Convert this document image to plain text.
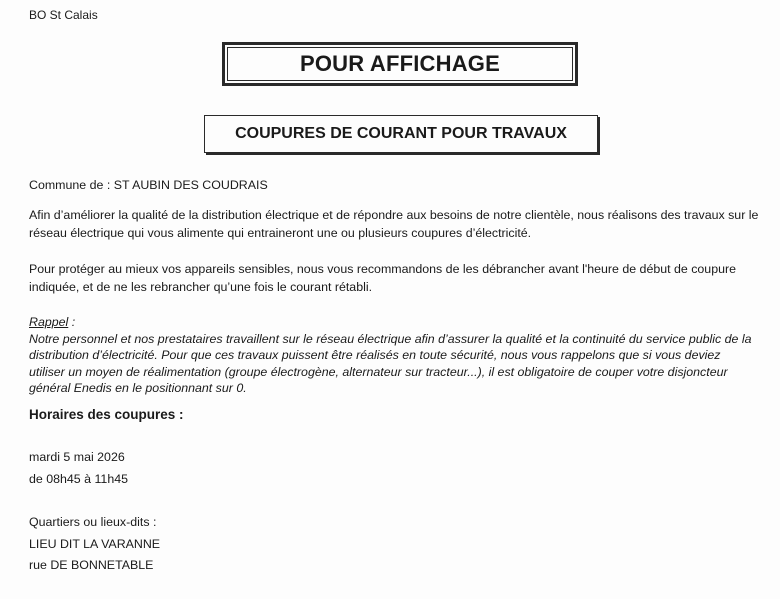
BO St Calais
POUR AFFICHAGE
COUPURES DE COURANT POUR TRAVAUX
Commune de : ST AUBIN DES COUDRAIS
Afin d’améliorer la qualité de la distribution électrique et de répondre aux besoins de notre clientèle, nous réalisons des travaux sur le réseau électrique qui vous alimente qui entraineront une ou plusieurs coupures d’électricité.
Pour protéger au mieux vos appareils sensibles, nous vous recommandons de les débrancher avant l'heure de début de coupure indiquée, et de ne les rebrancher qu’une fois le courant rétabli.
Rappel :
Notre personnel et nos prestataires travaillent sur le réseau électrique afin d’assurer la qualité et la continuité du service public de la distribution d’électricité. Pour que ces travaux puissent être réalisés en toute sécurité, nous vous rappelons que si vous deviez utiliser un moyen de réalimentation (groupe électrogène, alternateur sur tracteur...), il est obligatoire de couper votre disjoncteur général Enedis en le positionnant sur 0.
Horaires des coupures :
mardi 5 mai 2026
de 08h45 à 11h45
Quartiers ou lieux-dits :
LIEU DIT LA VARANNE
rue DE BONNETABLE
